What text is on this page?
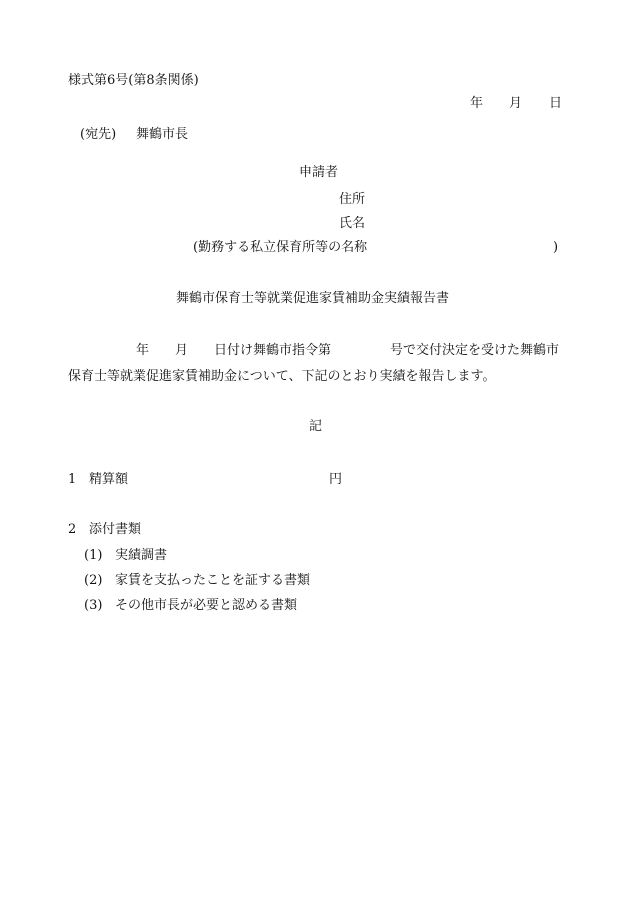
様式第6号(第8条関係)
年 月 日
(宛先) 舞鶴市長
申請者
住所
氏名
(勤務する私立保育所等の名称	)
舞鶴市保育士等就業促進家賃補助金実績報告書
年 月 日付け舞鶴市指令第	号で交付決定を受けた舞鶴市
保育士等就業促進家賃補助金について、下記のとおり実績を報告します。
記
1 精算額	円
2 添付書類
(1) 実績調書
(2) 家賃を支払ったことを証する書類
(3) その他市長が必要と認める書類
